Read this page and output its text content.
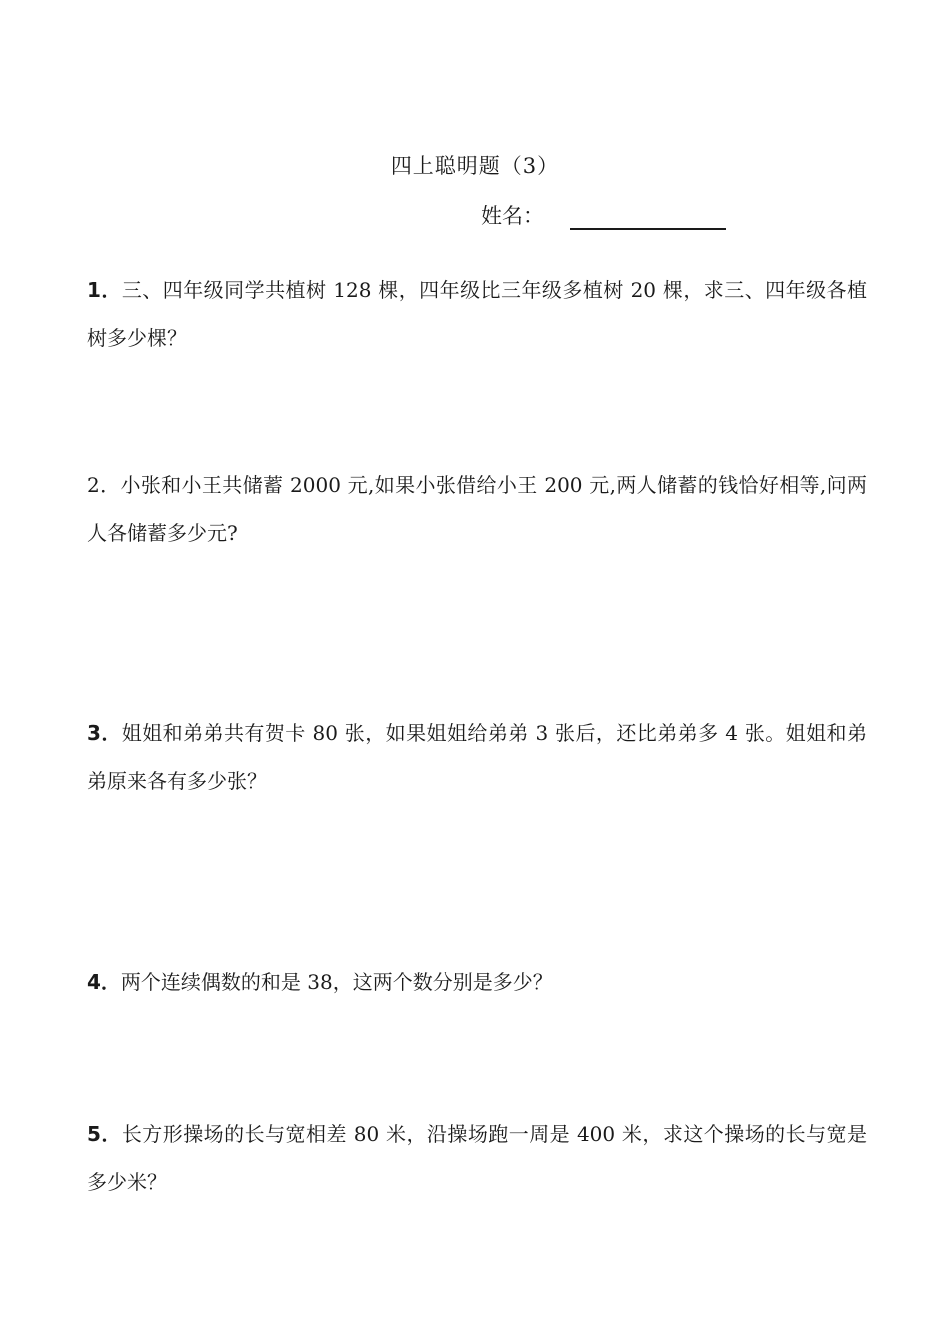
四上聪明题（3）
姓名：
1．三、四年级同学共植树 128 棵，四年级比三年级多植树 20 棵，求三、四年级各植树多少棵？
2．小张和小王共储蓄 2000 元,如果小张借给小王 200 元,两人储蓄的钱恰好相等,问两人各储蓄多少元?
3．姐姐和弟弟共有贺卡 80 张，如果姐姐给弟弟 3 张后，还比弟弟多 4 张。姐姐和弟弟原来各有多少张？
4．两个连续偶数的和是 38，这两个数分别是多少？
5．长方形操场的长与宽相差 80 米，沿操场跑一周是 400 米，求这个操场的长与宽是多少米？
